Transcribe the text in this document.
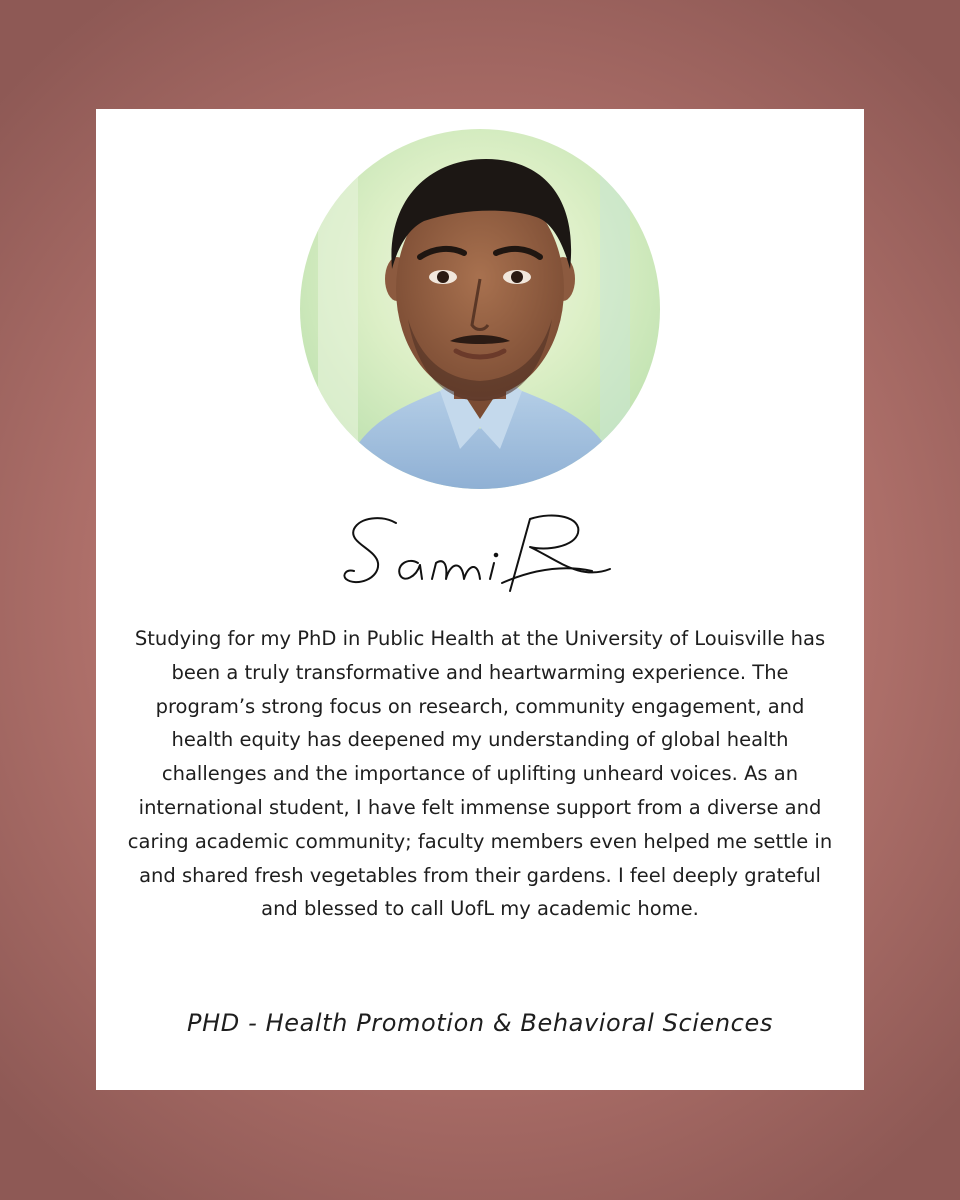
Studying for my PhD in Public Health at the University of Louisville has been a truly transformative and heartwarming experience. The program’s strong focus on research, community engagement, and health equity has deepened my understanding of global health challenges and the importance of uplifting unheard voices. As an international student, I have felt immense support from a diverse and caring academic community; faculty members even helped me settle in and shared fresh vegetables from their gardens. I feel deeply grateful and blessed to call UofL my academic home.

PHD - Health Promotion & Behavioral Sciences
